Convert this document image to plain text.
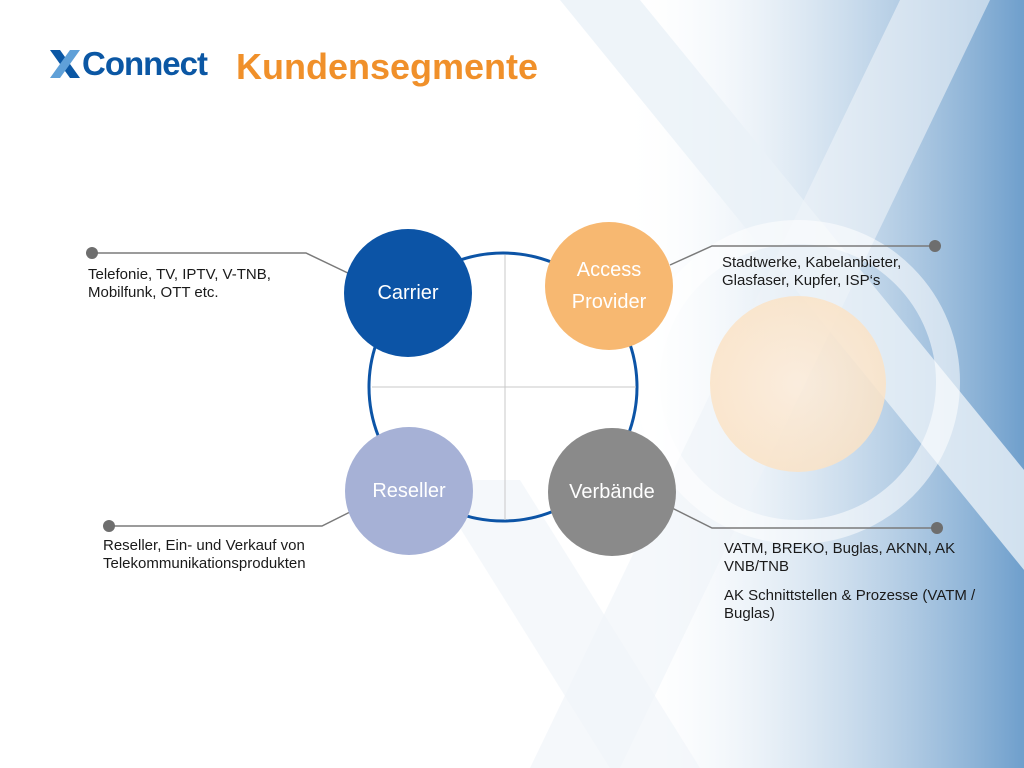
Connect Kundensegmente
Carrier
Access
Provider
Reseller	Verbände
Telefonie, TV, IPTV, V-TNB, Mobilfunk, OTT etc.
Stadtwerke, Kabelanbieter, Glasfaser, Kupfer, ISP‘s
Reseller, Ein- und Verkauf von Telekommunikationsprodukten
VATM, BREKO, Buglas, AKNN, AK VNB/TNB
AK Schnittstellen & Prozesse (VATM / Buglas)
